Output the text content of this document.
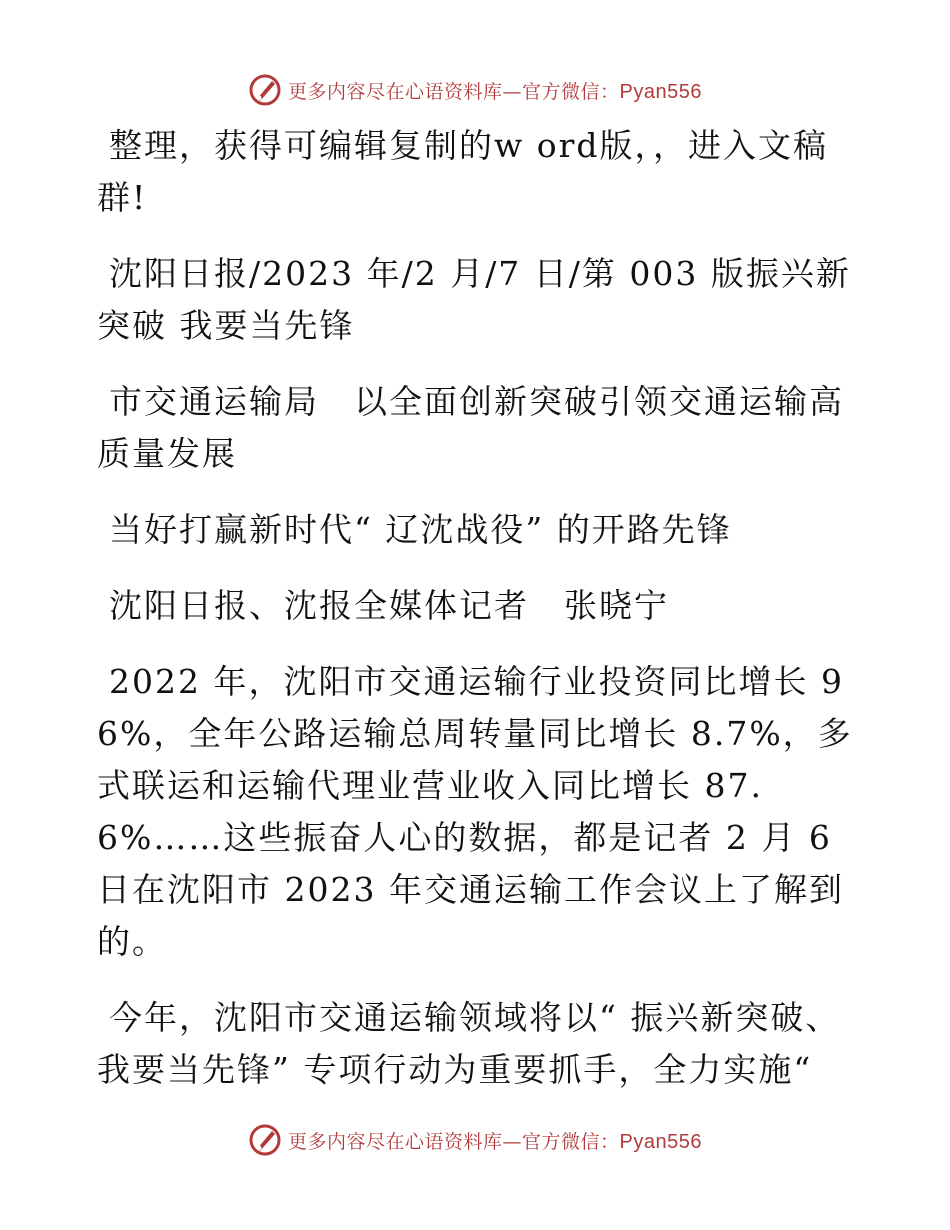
更多内容尽在心语资料库—官方微信：Pyan556

整理，获得可编辑复制的w ord版，，进入文稿群!

沈阳日报/2023 年/2 月/7 日/第 003 版振兴新突破 我要当先锋

市交通运输局　以全面创新突破引领交通运输高质量发展

当好打赢新时代“ 辽沈战役” 的开路先锋

沈阳日报、沈报全媒体记者　张晓宁

2022 年，沈阳市交通运输行业投资同比增长 96%，全年公路运输总周转量同比增长 8.7%，多式联运和运输代理业营业收入同比增长 87.6%……这些振奋人心的数据，都是记者 2 月 6 日在沈阳市 2023 年交通运输工作会议上了解到的。

今年，沈阳市交通运输领域将以“ 振兴新突破、我要当先锋” 专项行动为重要抓手，全力实施“

更多内容尽在心语资料库—官方微信：Pyan556
